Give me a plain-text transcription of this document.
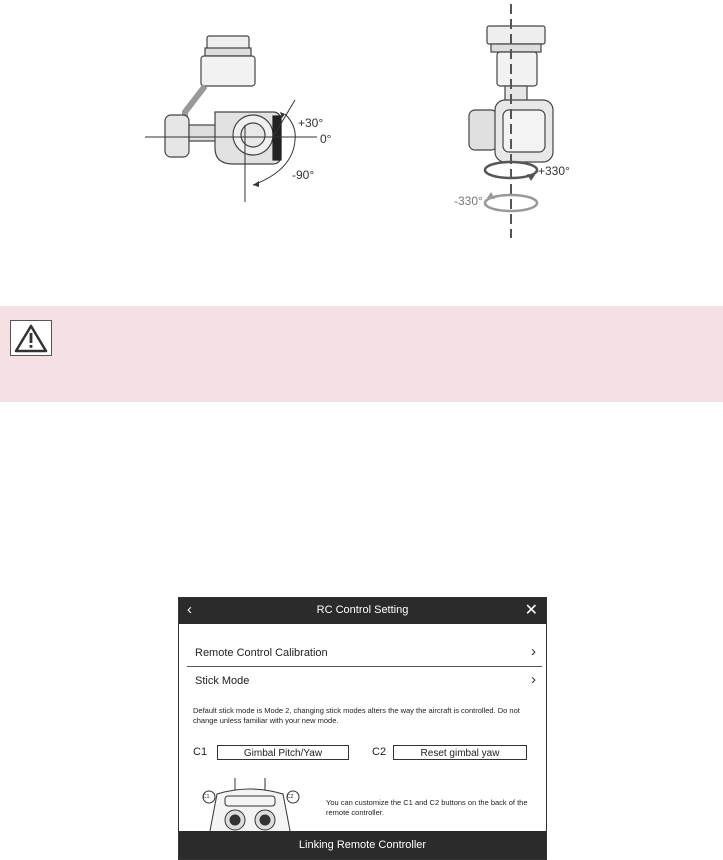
+30°
0°
-90°	+330°
-330°
‹	RC Control Setting	✕
Remote Control Calibration	›
Stick Mode	›
Default stick mode is Mode 2, changing stick modes alters the way the aircraft is controlled. Do not change unless familiar with your new mode.
C1	Gimbal Pitch/Yaw	C2	Reset gimbal yaw
C1	C2
You can customize the C1 and C2 buttons on the back of the remote controller.
Linking Remote Controller
